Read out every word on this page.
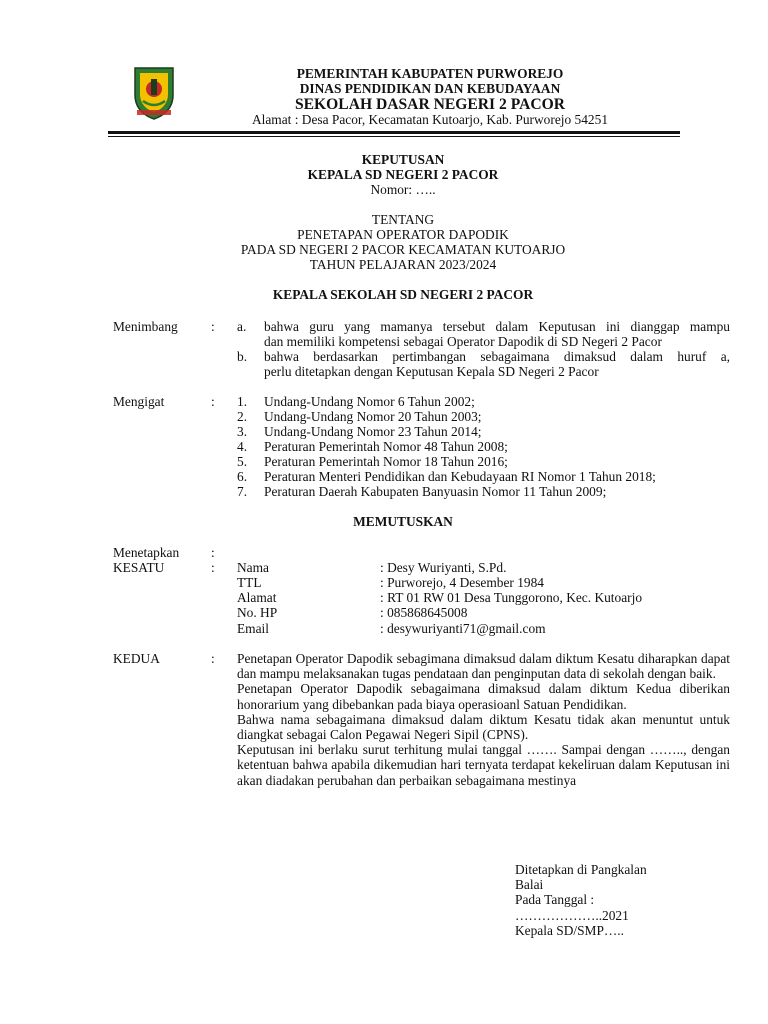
PEMERINTAH KABUPATEN PURWOREJO
DINAS PENDIDIKAN DAN KEBUDAYAAN
SEKOLAH DASAR NEGERI 2 PACOR
Alamat : Desa Pacor, Kecamatan Kutoarjo, Kab. Purworejo 54251
KEPUTUSAN
KEPALA SD NEGERI 2 PACOR
Nomor: …..
TENTANG
PENETAPAN OPERATOR DAPODIK
PADA SD NEGERI 2 PACOR KECAMATAN KUTOARJO
TAHUN PELAJARAN 2023/2024
KEPALA SEKOLAH SD NEGERI 2 PACOR
Menimbang : a. bahwa guru yang mamanya tersebut dalam Keputusan ini dianggap mampu
dan memiliki kompetensi sebagai Operator Dapodik di SD Negeri 2 Pacor
b. bahwa berdasarkan pertimbangan sebagaimana dimaksud dalam huruf a,
perlu ditetapkan dengan Keputusan Kepala SD Negeri 2 Pacor
Mengigat	: 1. Undang-Undang Nomor 6 Tahun 2002;
2. Undang-Undang Nomor 20 Tahun 2003;
3. Undang-Undang Nomor 23 Tahun 2014;
4. Peraturan Pemerintah Nomor 48 Tahun 2008;
5. Peraturan Pemerintah Nomor 18 Tahun 2016;
6. Peraturan Menteri Pendidikan dan Kebudayaan RI Nomor 1 Tahun 2018;
7. Peraturan Daerah Kabupaten Banyuasin Nomor 11 Tahun 2009;
MEMUTUSKAN
Menetapkan :
KESATU	: Nama	: Desy Wuriyanti, S.Pd.
TTL	: Purworejo, 4 Desember 1984
Alamat	: RT 01 RW 01 Desa Tunggorono, Kec. Kutoarjo
No. HP	: 085868645008
Email	: desywuriyanti71@gmail.com
KEDUA	: Penetapan Operator Dapodik sebagimana dimaksud dalam diktum Kesatu diharapkan dapat dan mampu melaksanakan tugas pendataan dan penginputan data di sekolah dengan baik.

Penetapan Operator Dapodik sebagaimana dimaksud dalam diktum Kedua diberikan honorarium yang dibebankan pada biaya operasioanl Satuan Pendidikan.

Bahwa nama sebagaimana dimaksud dalam diktum Kesatu tidak akan menuntut untuk diangkat sebagai Calon Pegawai Negeri Sipil (CPNS).

Keputusan ini berlaku surut terhitung mulai tanggal ……. Sampai dengan …….., dengan ketentuan bahwa apabila dikemudian hari ternyata terdapat kekeliruan dalam Keputusan ini akan diadakan perubahan dan perbaikan sebagaimana mestinya

Ditetapkan di Pangkalan
Balai
Pada Tanggal :
………………..2021
Kepala SD/SMP…..
